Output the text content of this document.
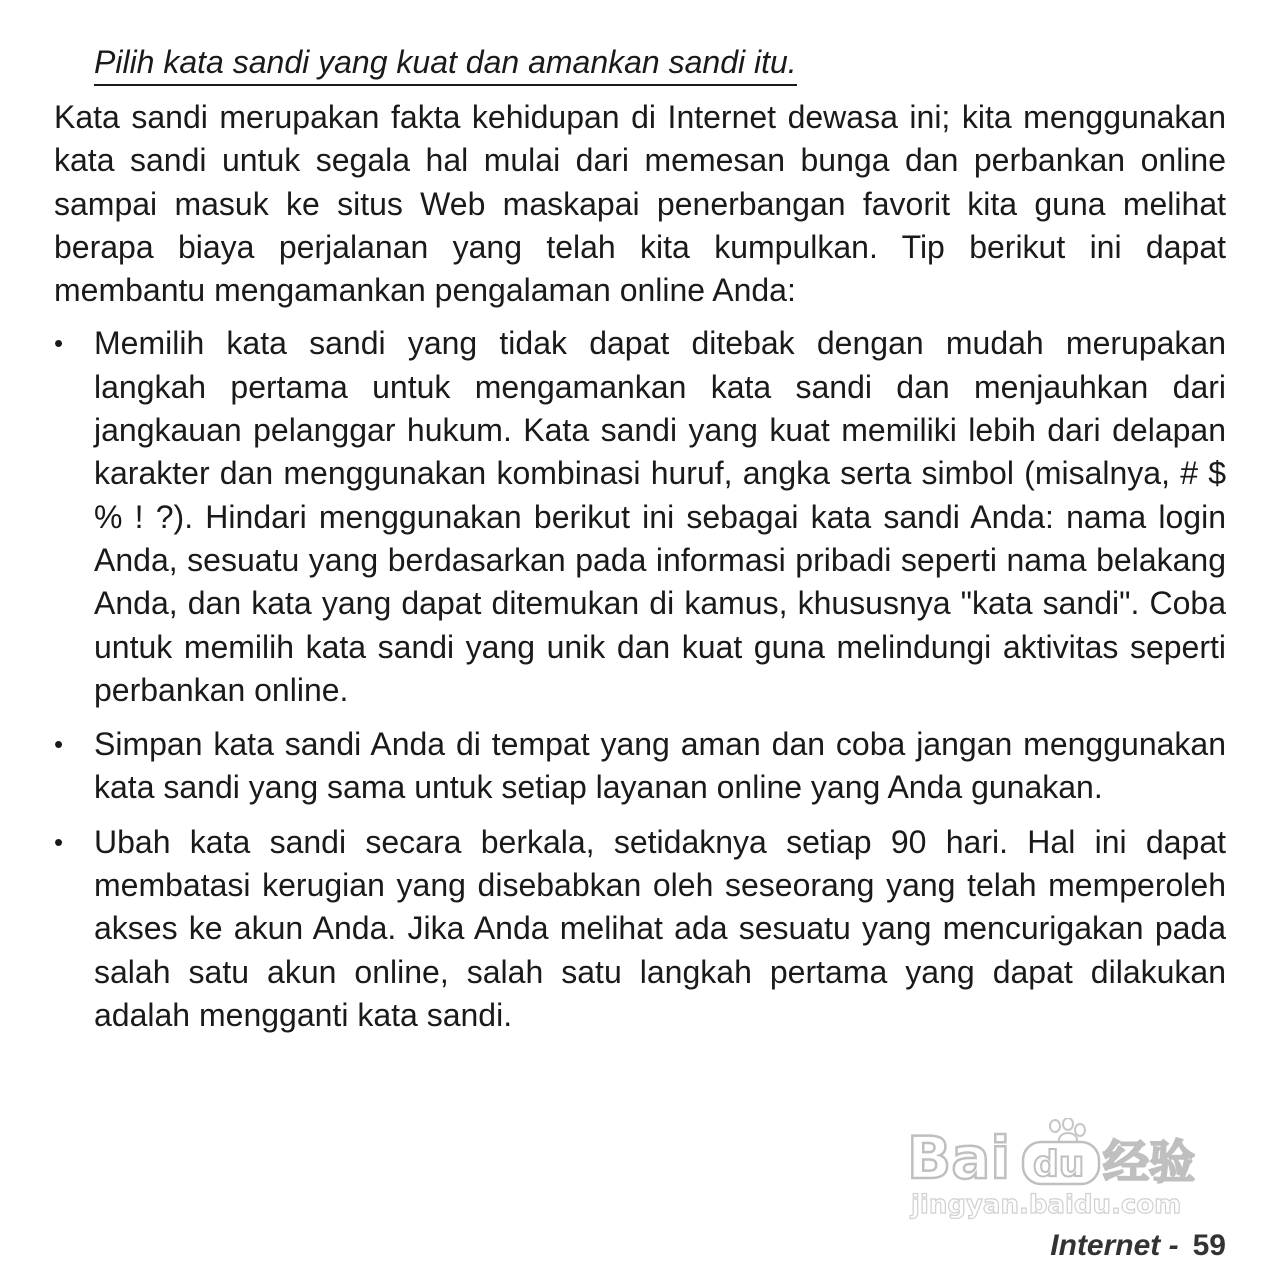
Pilih kata sandi yang kuat dan amankan sandi itu.

Kata sandi merupakan fakta kehidupan di Internet dewasa ini; kita menggunakan kata sandi untuk segala hal mulai dari memesan bunga dan perbankan online sampai masuk ke situs Web maskapai penerbangan favorit kita guna melihat berapa biaya perjalanan yang telah kita kumpulkan. Tip berikut ini dapat membantu mengamankan pengalaman online Anda:

• Memilih kata sandi yang tidak dapat ditebak dengan mudah merupakan langkah pertama untuk mengamankan kata sandi dan menjauhkan dari jangkauan pelanggar hukum. Kata sandi yang kuat memiliki lebih dari delapan karakter dan menggunakan kombinasi huruf, angka serta simbol (misalnya, # $ % ! ?). Hindari menggunakan berikut ini sebagai kata sandi Anda: nama login Anda, sesuatu yang berdasarkan pada informasi pribadi seperti nama belakang Anda, dan kata yang dapat ditemukan di kamus, khususnya "kata sandi". Coba untuk memilih kata sandi yang unik dan kuat guna melindungi aktivitas seperti perbankan online.
• Simpan kata sandi Anda di tempat yang aman dan coba jangan menggunakan kata sandi yang sama untuk setiap layanan online yang Anda gunakan.
• Ubah kata sandi secara berkala, setidaknya setiap 90 hari. Hal ini dapat membatasi kerugian yang disebabkan oleh seseorang yang telah memperoleh akses ke akun Anda. Jika Anda melihat ada sesuatu yang mencurigakan pada salah satu akun online, salah satu langkah pertama yang dapat dilakukan adalah mengganti kata sandi.
Bai du 经验
jingyan.baidu.com
Internet - 59
